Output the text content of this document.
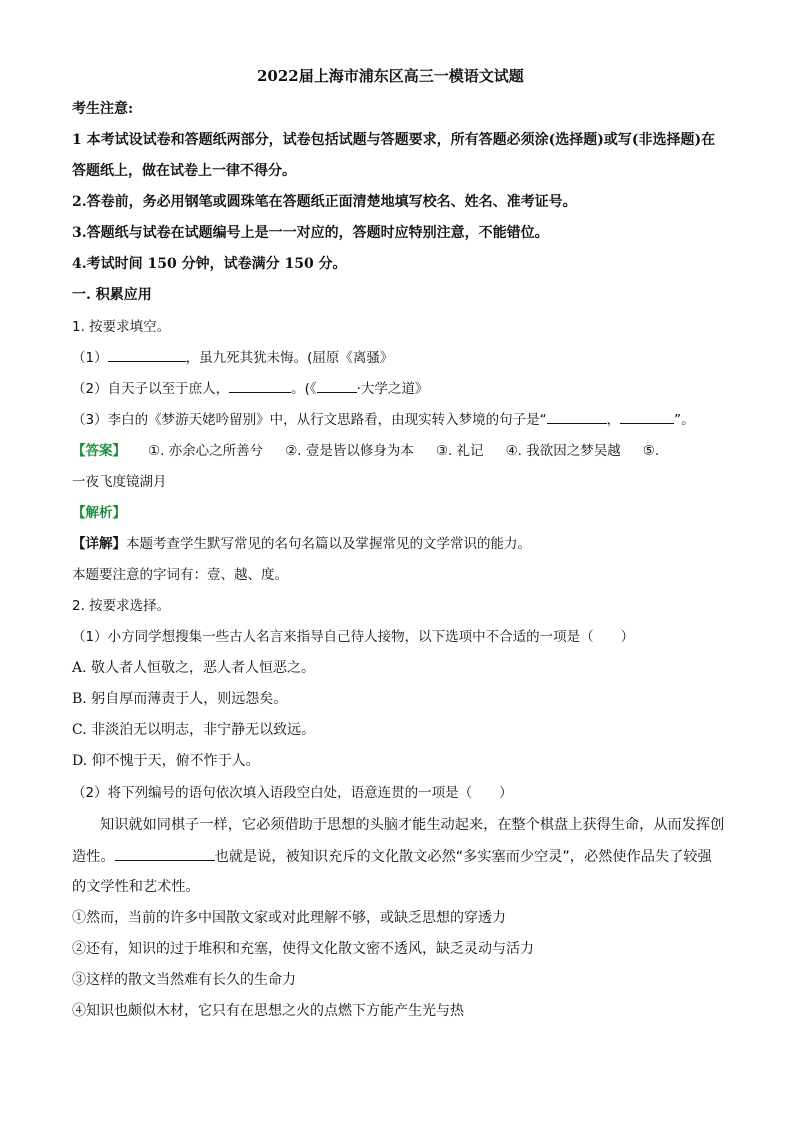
2022届上海市浦东区高三一模语文试题
考生注意:
1 本考试设试卷和答题纸两部分，试卷包括试题与答题要求，所有答题必须涂(选择题)或写(非选择题)在
答题纸上，做在试卷上一律不得分。
2.答卷前，务必用钢笔或圆珠笔在答题纸正面清楚地填写校名、姓名、准考证号。
3.答题纸与试卷在试题编号上是一一对应的，答题时应特别注意，不能错位。
4.考试时间 150 分钟，试卷满分 150 分。
一. 积累应用
1. 按要求填空。
（1）	，虽九死其犹未悔。(屈原《离骚》
（2）自天子以至于庶人，	。(《	·大学之道》
（3）李白的《梦游天姥吟留别》中，从行文思路看，由现实转入梦境的句子是“	，	”。
【答案】 ①. 亦余心之所善兮 ②. 壹是皆以修身为本 ③. 礼记 ④. 我欲因之梦吴越 ⑤.
一夜飞度镜湖月
【解析】
【详解】本题考查学生默写常见的名句名篇以及掌握常见的文学常识的能力。
本题要注意的字词有：壹、越、度。
2. 按要求选择。
（1）小方同学想搜集一些古人名言来指导自己待人接物，以下选项中不合适的一项是（　　）
A. 敬人者人恒敬之，恶人者人恒恶之。
B. 躬自厚而薄责于人，则远怨矣。
C. 非淡泊无以明志，非宁静无以致远。
D. 仰不愧于天，俯不怍于人。
（2）将下列编号的语句依次填入语段空白处，语意连贯的一项是（　　）
知识就如同棋子一样，它必须借助于思想的头脑才能生动起来，在整个棋盘上获得生命，从而发挥创
造性。	也就是说，被知识充斥的文化散文必然“多实塞而少空灵”，必然使作品失了较强
的文学性和艺术性。
①然而，当前的许多中国散文家或对此理解不够，或缺乏思想的穿透力
②还有，知识的过于堆积和充塞，使得文化散文密不透风，缺乏灵动与活力
③这样的散文当然难有长久的生命力
④知识也颇似木材，它只有在思想之火的点燃下方能产生光与热
